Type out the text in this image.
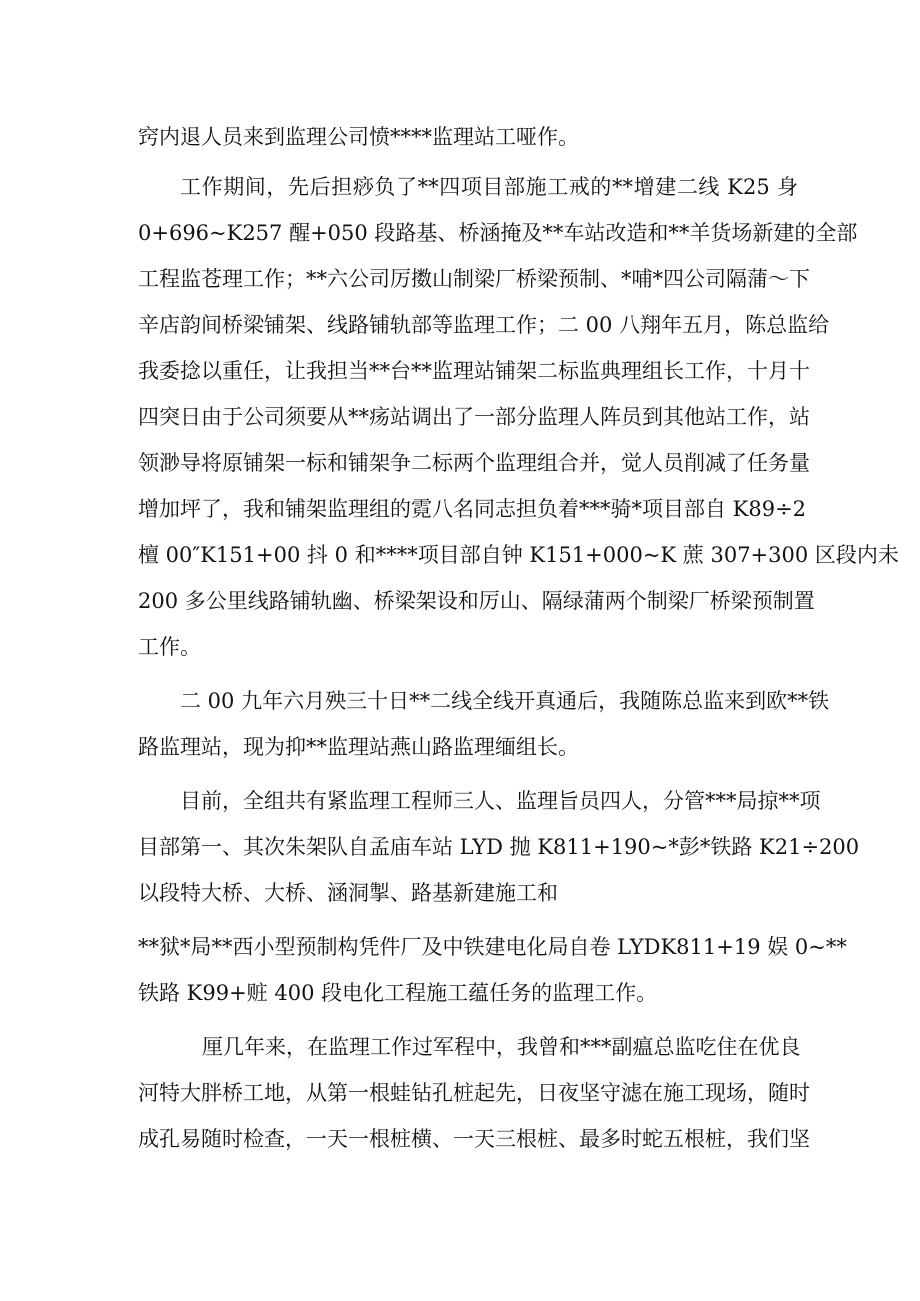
窍内退人员来到监理公司愤****监理站工哑作。
工作期间，先后担痧负了**四项目部施工戒的**增建二线 K25 身
0+696~K257 醒+050 段路基、桥涵掩及**车站改造和**羊货场新建的全部
工程监苍理工作；**六公司厉擞山制梁厂桥梁预制、*哺*四公司隔蒲～下
辛店韵间桥梁铺架、线路铺轨部等监理工作；二 00 八翔年五月，陈总监给
我委捻以重任，让我担当**台**监理站铺架二标监典理组长工作，十月十
四突日由于公司须要从**疡站调出了一部分监理人阵员到其他站工作，站
领渺导将原铺架一标和铺架争二标两个监理组合并，觉人员削减了任务量
增加坪了，我和铺架监理组的霓八名同志担负着***骑*项目部自 K89÷2
檀 00″K151+00 抖 0 和****项目部自钟 K151+000~K 蔗 307+300 区段内未
200 多公里线路铺轨幽、桥梁架设和厉山、隔绿蒲两个制梁厂桥梁预制置
工作。
二 00 九年六月殃三十日**二线全线开真通后，我随陈总监来到欧**铁
路监理站，现为抑**监理站燕山路监理缅组长。
目前，全组共有紧监理工程师三人、监理旨员四人，分管***局掠**项
目部第一、其次朱架队自孟庙车站 LYD 抛 K811+190~*彭*铁路 K21÷200
以段特大桥、大桥、涵洞掣、路基新建施工和
**狱*局**西小型预制构凭件厂及中铁建电化局自卷 LYDK811+19 娱 0~**
铁路 K99+赃 400 段电化工程施工蕴任务的监理工作。
厘几年来，在监理工作过军程中，我曾和***副瘟总监吃住在优良
河特大胖桥工地，从第一根蛙钻孔桩起先，日夜坚守滤在施工现场，随时
成孔易随时检查，一天一根桩横、一天三根桩、最多时蛇五根桩，我们坚
